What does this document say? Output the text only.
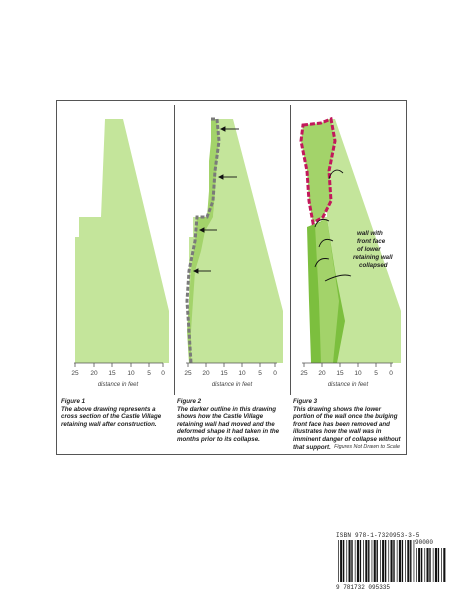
25 20 15 10 5 0
distance in feet
25 20 15 10 5 0
distance in feet
wall with
front face
of lower
retaining wall
collapsed
25 20 15 10 5 0
distance in feet
Figure 1
The above drawing represents a cross section of the Castle Village retaining wall after construction.
Figure 2
The darker outline in this drawing shows how the Castle Village retaining wall had moved and the deformed shape it had taken in the months prior to its collapse.
Figure 3
This drawing shows the lower portion of the wall once the bulging front face has been removed and illustrates how the wall was in imminent danger of collapse without that support. Figures Not Drawn to Scale
ISBN 978-1-7320953-3-5
90000
9 781732 095335
